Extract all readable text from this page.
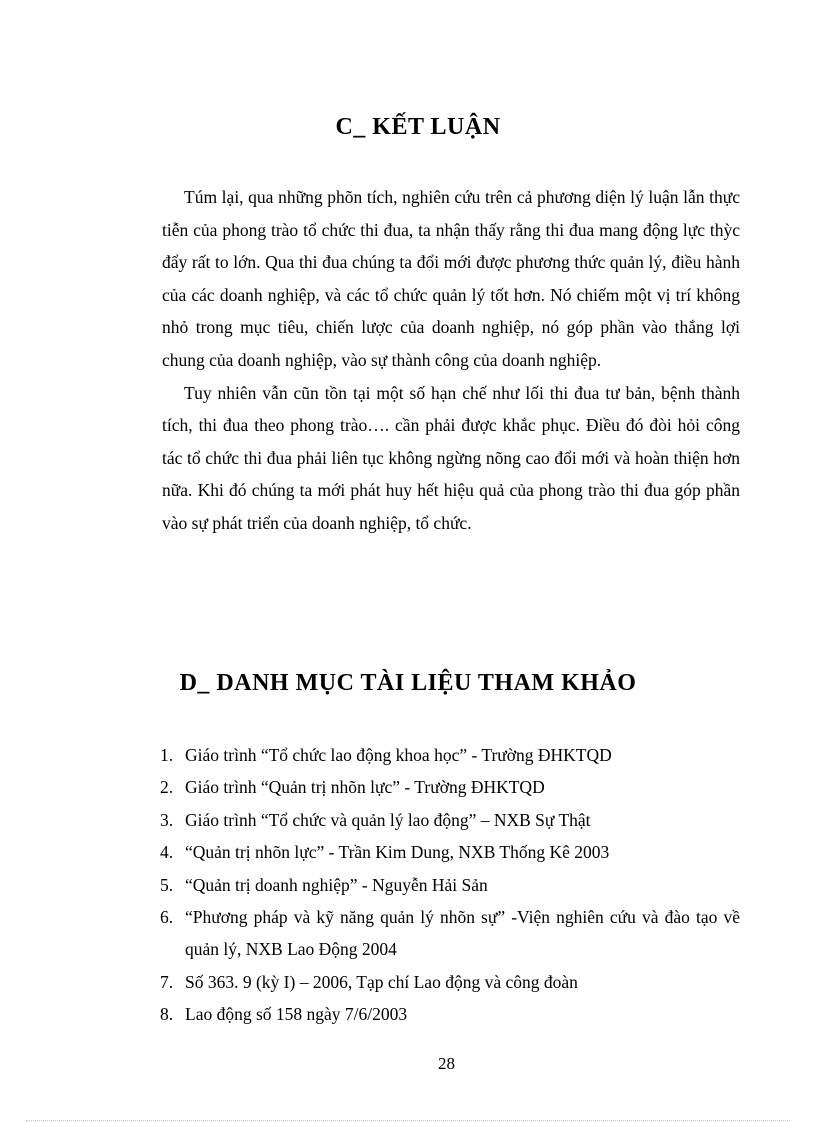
C_ KẾT LUẬN

Túm lại, qua những phõn tích, nghiên cứu trên cả phương diện lý luận lẫn thực tiễn của phong trào tổ chức thi đua, ta nhận thấy rằng thi đua mang động lực thỳc đẩy rất to lớn. Qua thi đua chúng ta đổi mới được phương thức quản lý, điều hành của các doanh nghiệp, và các tổ chức quản lý tốt hơn. Nó chiếm một vị trí không nhỏ trong mục tiêu, chiến lược của doanh nghiệp, nó góp phần vào thắng lợi chung của doanh nghiệp, vào sự thành công của doanh nghiệp.

Tuy nhiên vẫn cũn tồn tại một số hạn chế như lối thi đua tư bản, bệnh thành tích, thi đua theo phong trào…. cần phải được khắc phục. Điều đó đòi hỏi công tác tổ chức thi đua phải liên tục không ngừng nõng cao đổi mới và hoàn thiện hơn nữa. Khi đó chúng ta mới phát huy hết hiệu quả của phong trào thi đua góp phần vào sự phát triển của doanh nghiệp, tổ chức.

D_ DANH MỤC TÀI LIỆU THAM KHẢO
1. Giáo trình “Tổ chức lao động khoa học” - Trường ĐHKTQD
2. Giáo trình “Quản trị nhõn lực” - Trường ĐHKTQD
3. Giáo trình “Tổ chức và quản lý lao động” – NXB Sự Thật
4. “Quản trị nhõn lực” - Trần Kim Dung, NXB Thống Kê 2003
5. “Quản trị doanh nghiệp” - Nguyễn Hải Sản
6. “Phương pháp và kỹ năng quản lý nhõn sự” -Viện nghiên cứu và đào tạo về quản lý, NXB Lao Động 2004
7. Số 363. 9 (kỳ I) – 2006, Tạp chí Lao động và công đoàn
8. Lao động số 158 ngày 7/6/2003
28
